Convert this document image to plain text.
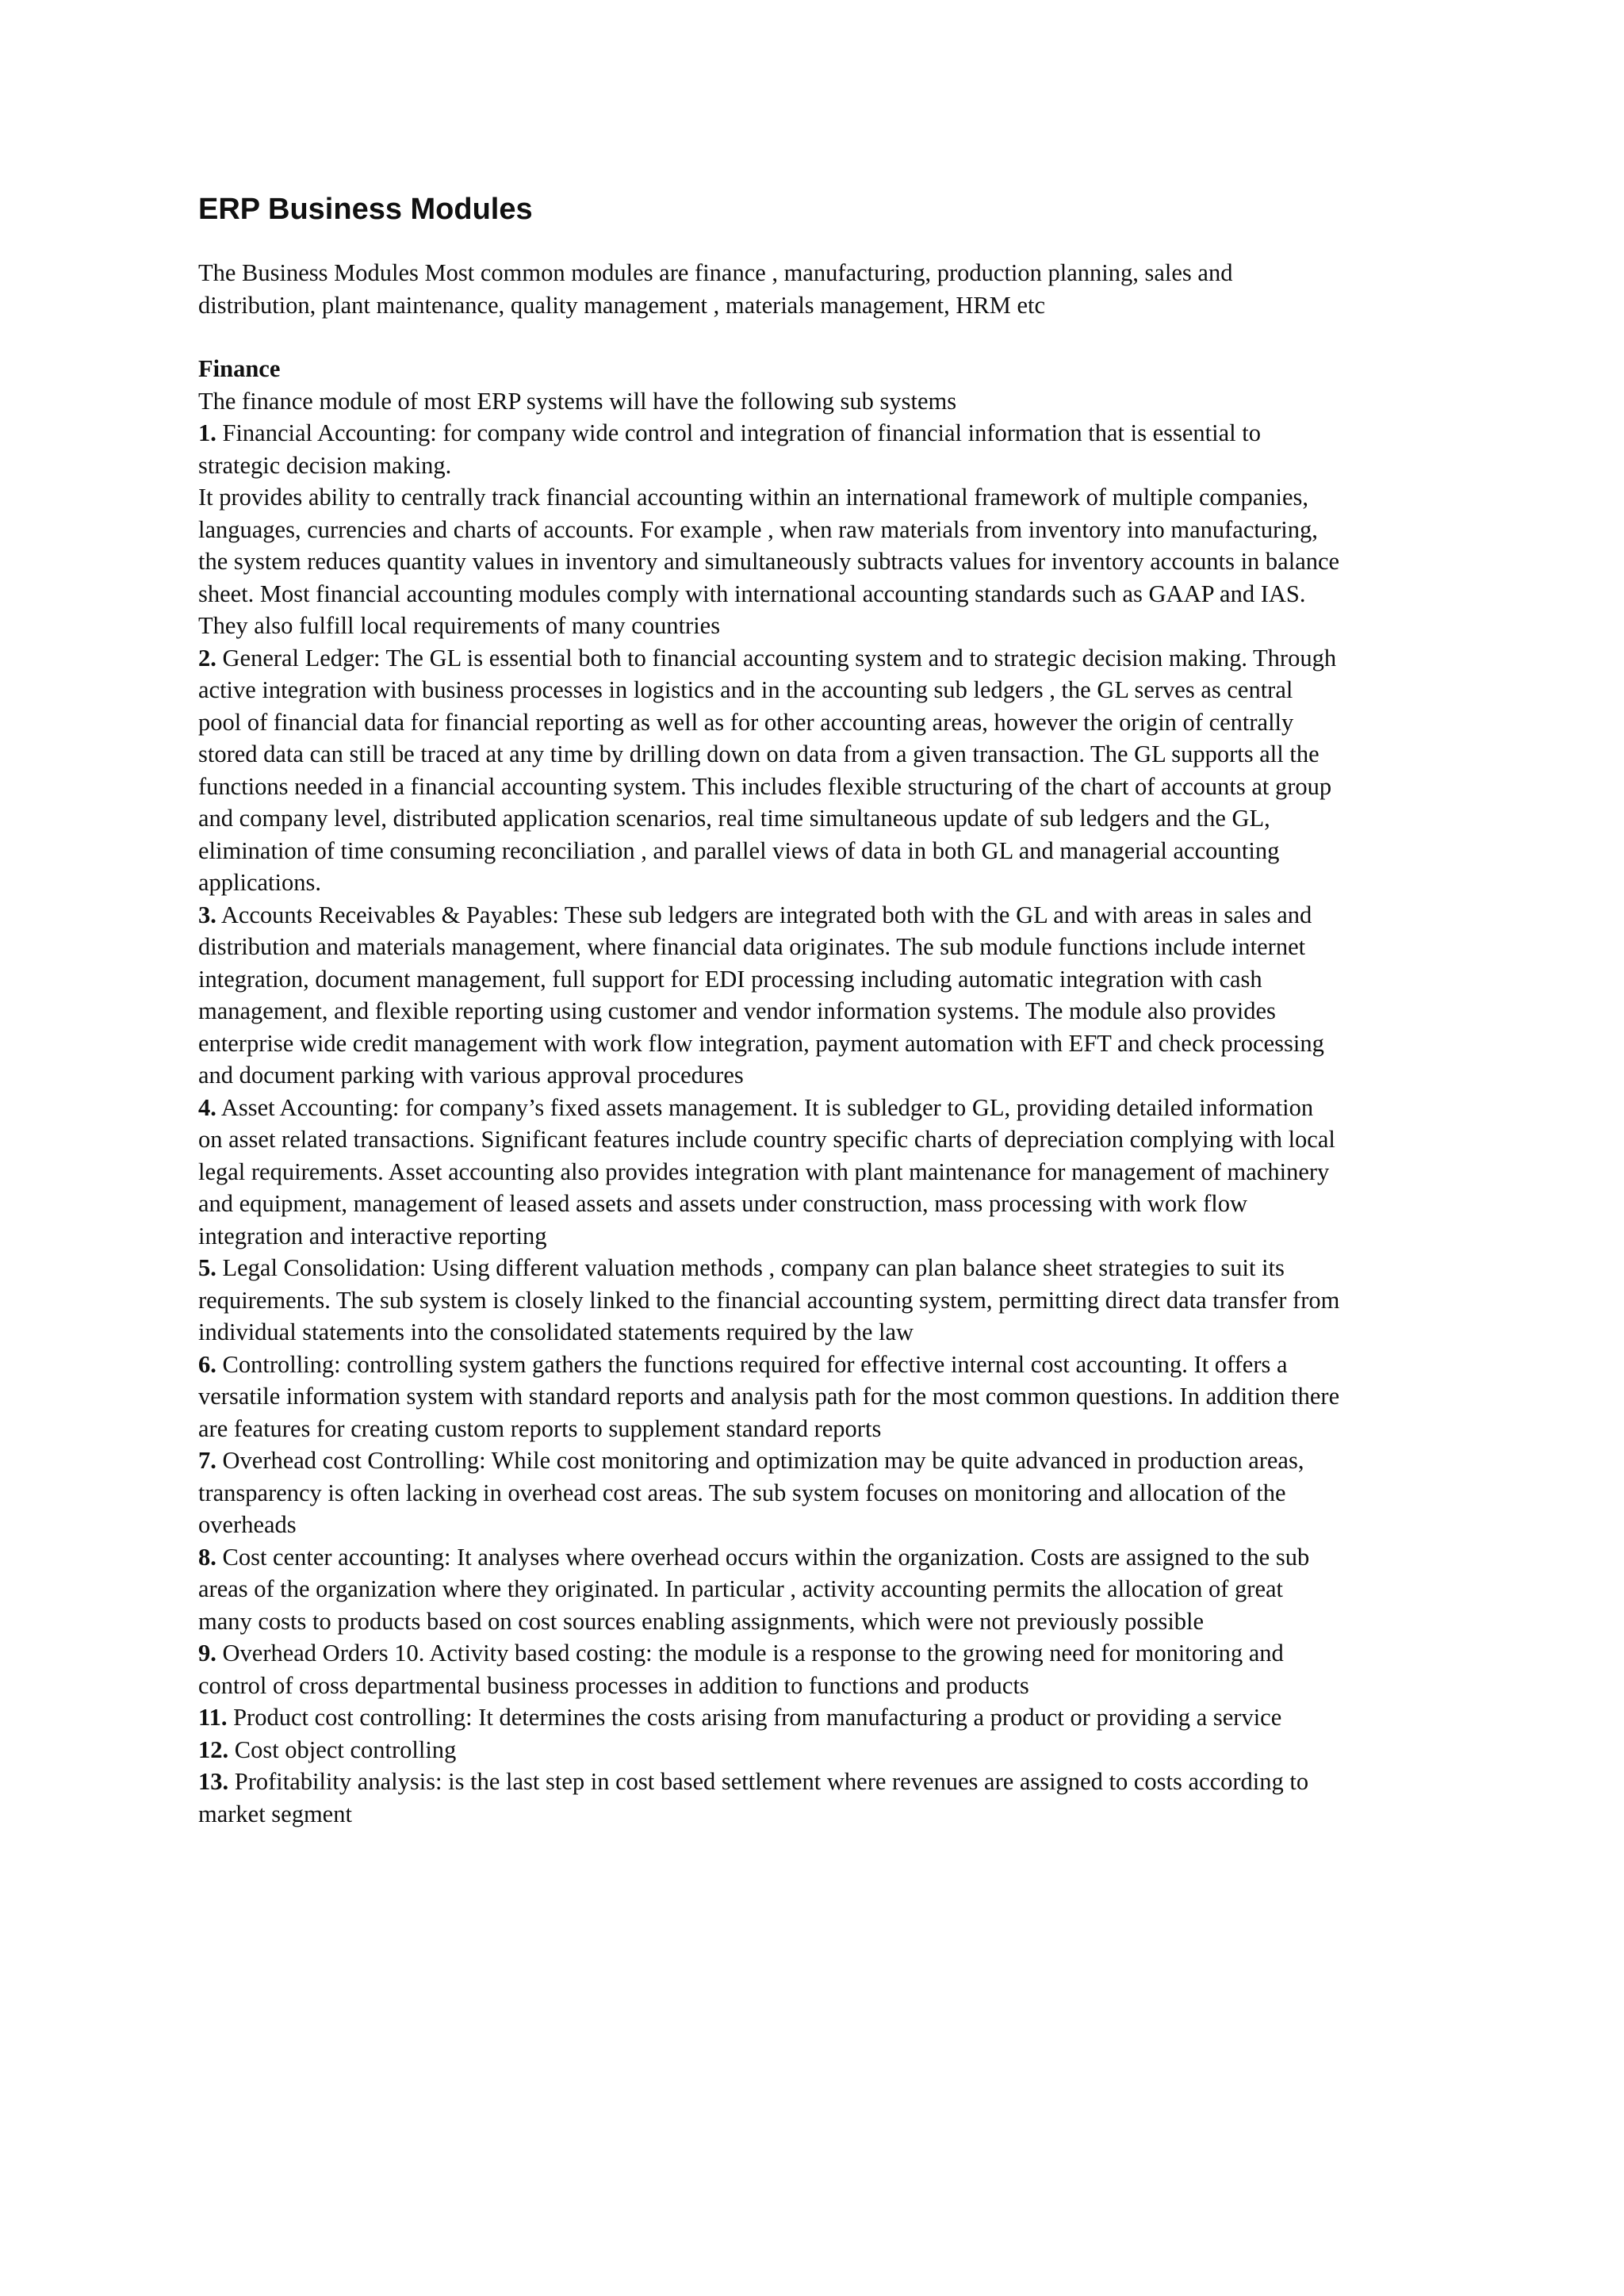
ERP Business Modules

The Business Modules Most common modules are finance , manufacturing, production planning, sales and distribution, plant maintenance, quality management , materials management, HRM etc

Finance

The finance module of most ERP systems will have the following sub systems

1. Financial Accounting: for company wide control and integration of financial information that is essential to strategic decision making.

It provides ability to centrally track financial accounting within an international framework of multiple companies, languages, currencies and charts of accounts. For example , when raw materials from inventory into manufacturing, the system reduces quantity values in inventory and simultaneously subtracts values for inventory accounts in balance sheet. Most financial accounting modules comply with international accounting standards such as GAAP and IAS. They also fulfill local requirements of many countries

2. General Ledger: The GL is essential both to financial accounting system and to strategic decision making. Through active integration with business processes in logistics and in the accounting sub ledgers , the GL serves as central pool of financial data for financial reporting as well as for other accounting areas, however the origin of centrally stored data can still be traced at any time by drilling down on data from a given transaction. The GL supports all the functions needed in a financial accounting system. This includes flexible structuring of the chart of accounts at group and company level, distributed application scenarios, real time simultaneous update of sub ledgers and the GL, elimination of time consuming reconciliation , and parallel views of data in both GL and managerial accounting applications.

3. Accounts Receivables & Payables: These sub ledgers are integrated both with the GL and with areas in sales and distribution and materials management, where financial data originates. The sub module functions include internet integration, document management, full support for EDI processing including automatic integration with cash management, and flexible reporting using customer and vendor information systems. The module also provides enterprise wide credit management with work flow integration, payment automation with EFT and check processing and document parking with various approval procedures

4. Asset Accounting: for company’s fixed assets management. It is subledger to GL, providing detailed information on asset related transactions. Significant features include country specific charts of depreciation complying with local legal requirements. Asset accounting also provides integration with plant maintenance for management of machinery and equipment, management of leased assets and assets under construction, mass processing with work flow integration and interactive reporting

5. Legal Consolidation: Using different valuation methods , company can plan balance sheet strategies to suit its requirements. The sub system is closely linked to the financial accounting system, permitting direct data transfer from individual statements into the consolidated statements required by the law

6. Controlling: controlling system gathers the functions required for effective internal cost accounting. It offers a versatile information system with standard reports and analysis path for the most common questions. In addition there are features for creating custom reports to supplement standard reports

7. Overhead cost Controlling: While cost monitoring and optimization may be quite advanced in production areas, transparency is often lacking in overhead cost areas. The sub system focuses on monitoring and allocation of the overheads

8. Cost center accounting: It analyses where overhead occurs within the organization. Costs are assigned to the sub areas of the organization where they originated. In particular , activity accounting permits the allocation of great many costs to products based on cost sources enabling assignments, which were not previously possible

9. Overhead Orders 10. Activity based costing: the module is a response to the growing need for monitoring and control of cross departmental business processes in addition to functions and products

11. Product cost controlling: It determines the costs arising from manufacturing a product or providing a service

12. Cost object controlling

13. Profitability analysis: is the last step in cost based settlement where revenues are assigned to costs according to market segment
